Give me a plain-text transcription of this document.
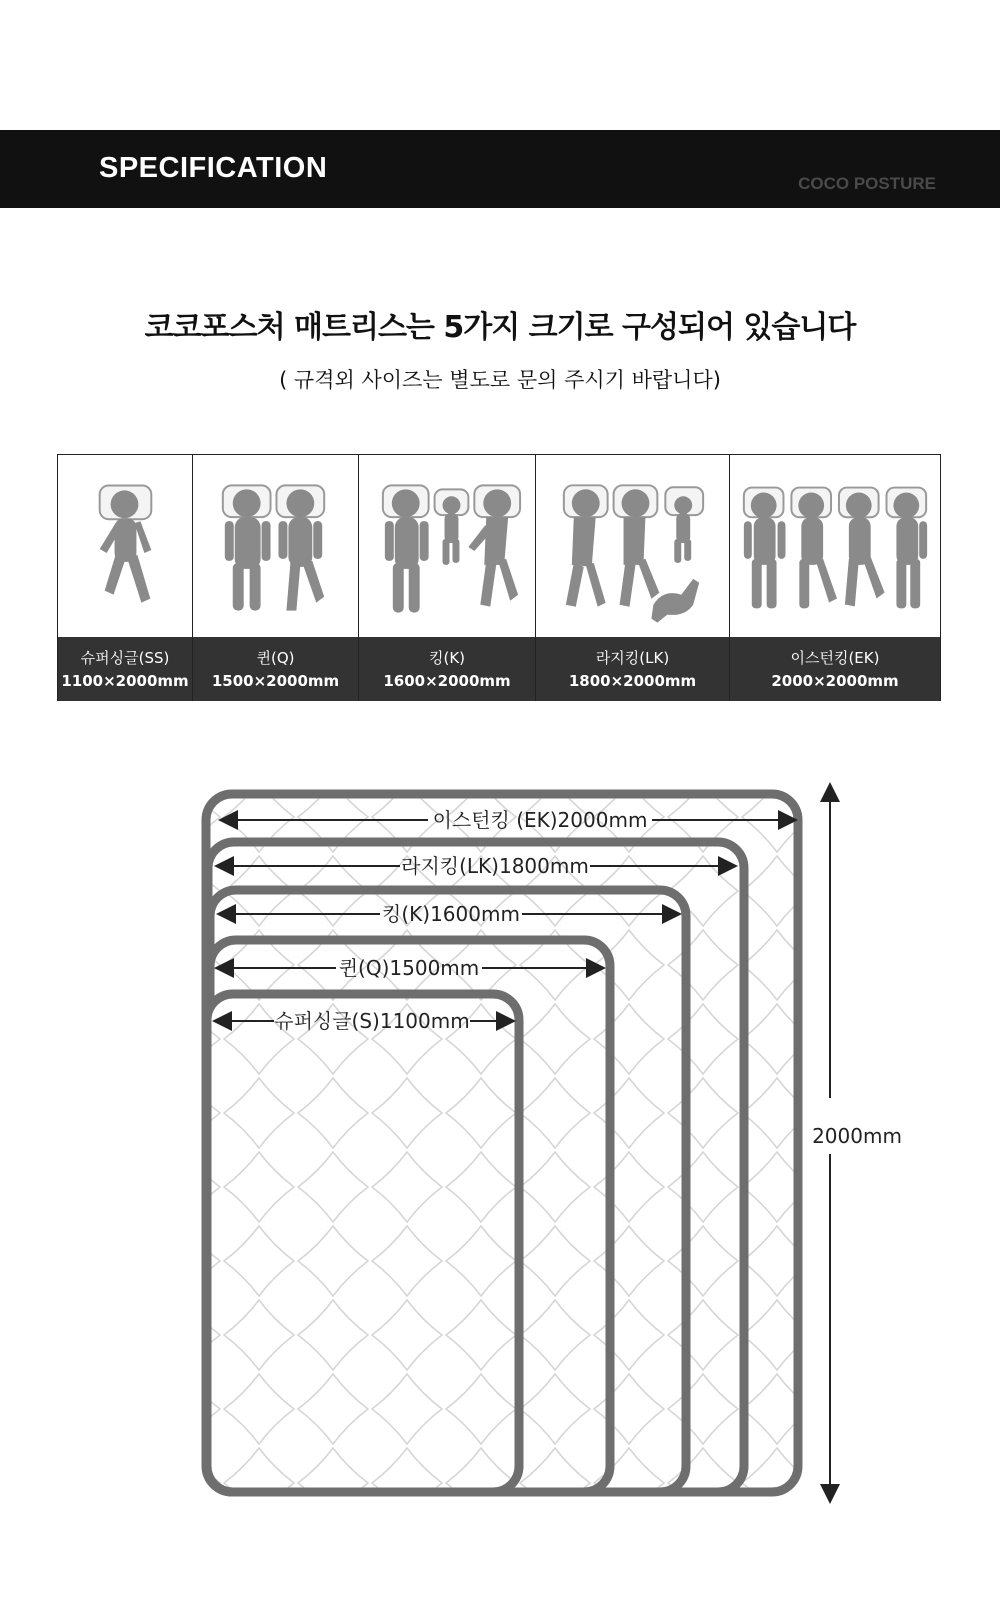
SPECIFICATION	COCO POSTURE
코코포스처 매트리스는 5가지 크기로 구성되어 있습니다
( 규격외 사이즈는 별도로 문의 주시기 바랍니다)
슈퍼싱글(SS)
1100×2000mm
퀸(Q)
1500×2000mm
킹(K)
1600×2000mm
라지킹(LK)
1800×2000mm
이스턴킹(EK)
2000×2000mm
이스턴킹 (EK)2000mm
라지킹(LK)1800mm
킹(K)1600mm
퀸(Q)1500mm
슈퍼싱글(S)1100mm
2000mm
